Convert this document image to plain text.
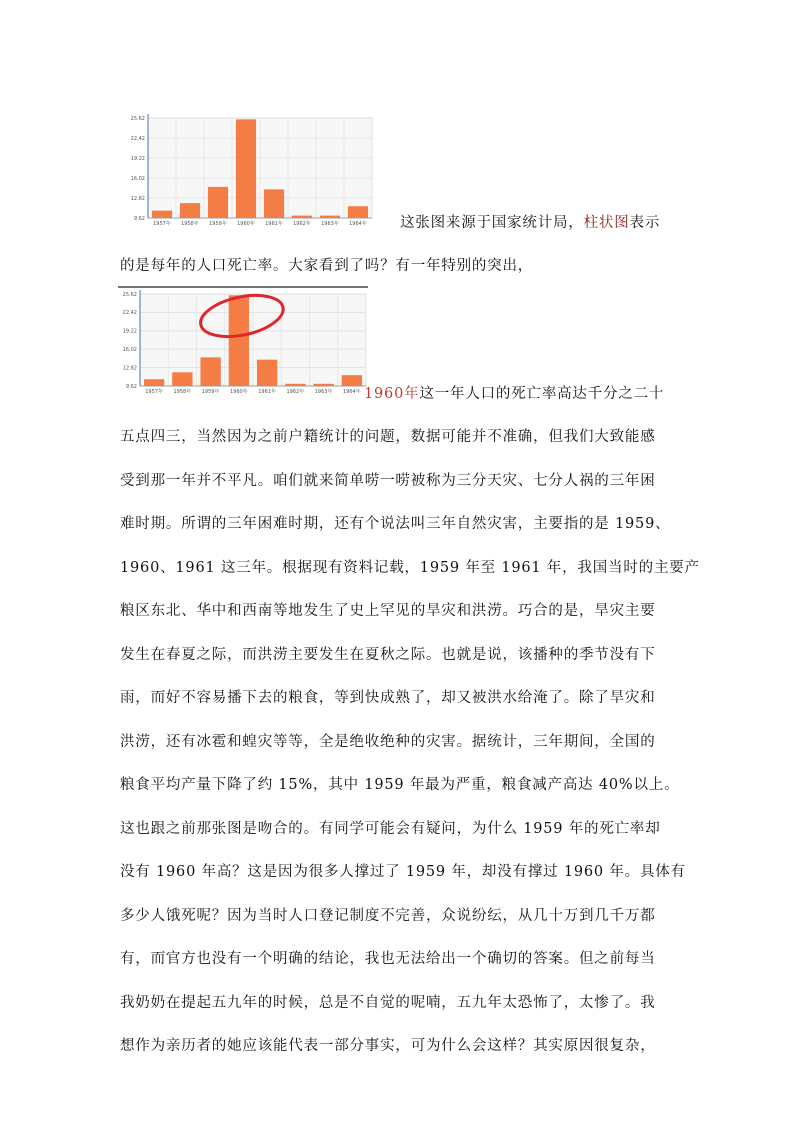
25.62
22.42
19.22
16.02
12.82
9.62
1957年 1958年 1959年 1960年 1961年 1962年 1963年 1964年 这张图来源于国家统计局，柱状图表示
的是每年的人口死亡率。大家看到了吗？有一年特别的突出，
25.62
22.42
19.22
16.02
12.82
9.62
1957年 1958年 1959年 1960年 1961年 1962年 1963年 1964年 1960年这一年人口的死亡率高达千分之二十
五点四三，当然因为之前户籍统计的问题，数据可能并不准确，但我们大致能感
受到那一年并不平凡。咱们就来简单唠一唠被称为三分天灾、七分人祸的三年困
难时期。所谓的三年困难时期，还有个说法叫三年自然灾害，主要指的是 1959、
1960、1961 这三年。根据现有资料记载，1959 年至 1961 年，我国当时的主要产
粮区东北、华中和西南等地发生了史上罕见的旱灾和洪涝。巧合的是，旱灾主要
发生在春夏之际，而洪涝主要发生在夏秋之际。也就是说，该播种的季节没有下
雨，而好不容易播下去的粮食，等到快成熟了，却又被洪水给淹了。除了旱灾和
洪涝，还有冰雹和蝗灾等等，全是绝收绝种的灾害。据统计，三年期间，全国的
粮食平均产量下降了约 15%，其中 1959 年最为严重，粮食减产高达 40%以上。
这也跟之前那张图是吻合的。有同学可能会有疑问，为什么 1959 年的死亡率却
没有 1960 年高？这是因为很多人撑过了 1959 年，却没有撑过 1960 年。具体有
多少人饿死呢？因为当时人口登记制度不完善，众说纷纭，从几十万到几千万都
有，而官方也没有一个明确的结论，我也无法给出一个确切的答案。但之前每当
我奶奶在提起五九年的时候，总是不自觉的呢喃，五九年太恐怖了，太惨了。我
想作为亲历者的她应该能代表一部分事实，可为什么会这样？其实原因很复杂，
